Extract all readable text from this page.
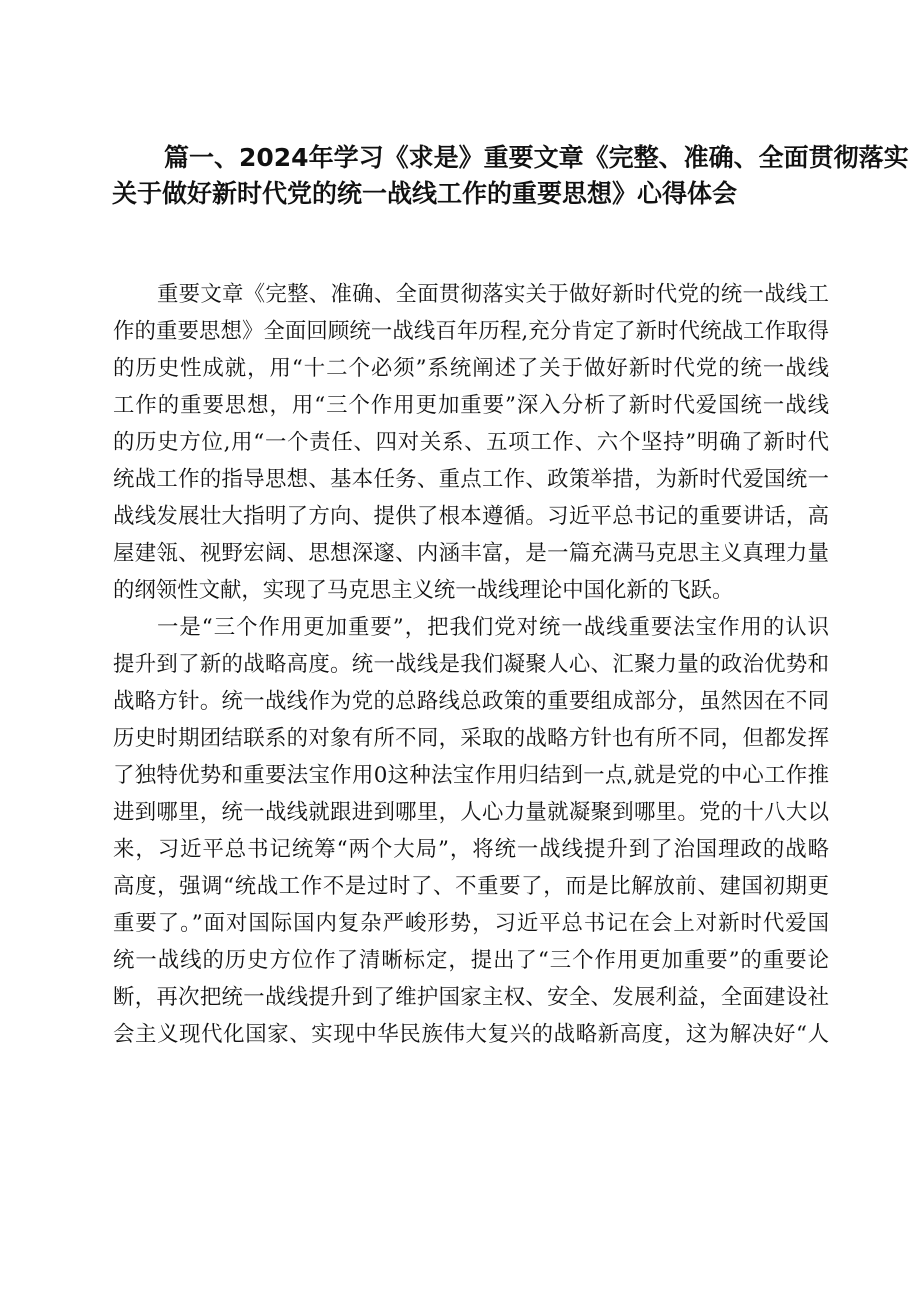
篇一、2024年学习《求是》重要文章《完整、准确、全面贯彻落实
关于做好新时代党的统一战线工作的重要思想》心得体会
重要文章《完整、准确、全面贯彻落实关于做好新时代党的统一战线工
作的重要思想》全面回顾统一战线百年历程,充分肯定了新时代统战工作取得
的历史性成就，用“十二个必须”系统阐述了关于做好新时代党的统一战线
工作的重要思想，用“三个作用更加重要”深入分析了新时代爱国统一战线
的历史方位,用“一个责任、四对关系、五项工作、六个坚持”明确了新时代
统战工作的指导思想、基本任务、重点工作、政策举措，为新时代爱国统一
战线发展壮大指明了方向、提供了根本遵循。习近平总书记的重要讲话，高
屋建瓴、视野宏阔、思想深邃、内涵丰富，是一篇充满马克思主义真理力量
的纲领性文献，实现了马克思主义统一战线理论中国化新的飞跃。
一是“三个作用更加重要”，把我们党对统一战线重要法宝作用的认识
提升到了新的战略高度。统一战线是我们凝聚人心、汇聚力量的政治优势和
战略方针。统一战线作为党的总路线总政策的重要组成部分，虽然因在不同
历史时期团结联系的对象有所不同，采取的战略方针也有所不同，但都发挥
了独特优势和重要法宝作用0这种法宝作用归结到一点,就是党的中心工作推
进到哪里，统一战线就跟进到哪里，人心力量就凝聚到哪里。党的十八大以
来，习近平总书记统筹“两个大局”，将统一战线提升到了治国理政的战略
高度，强调“统战工作不是过时了、不重要了，而是比解放前、建国初期更
重要了。”面对国际国内复杂严峻形势，习近平总书记在会上对新时代爱国
统一战线的历史方位作了清晰标定，提出了“三个作用更加重要”的重要论
断，再次把统一战线提升到了维护国家主权、安全、发展利益，全面建设社
会主义现代化国家、实现中华民族伟大复兴的战略新高度，这为解决好“人
